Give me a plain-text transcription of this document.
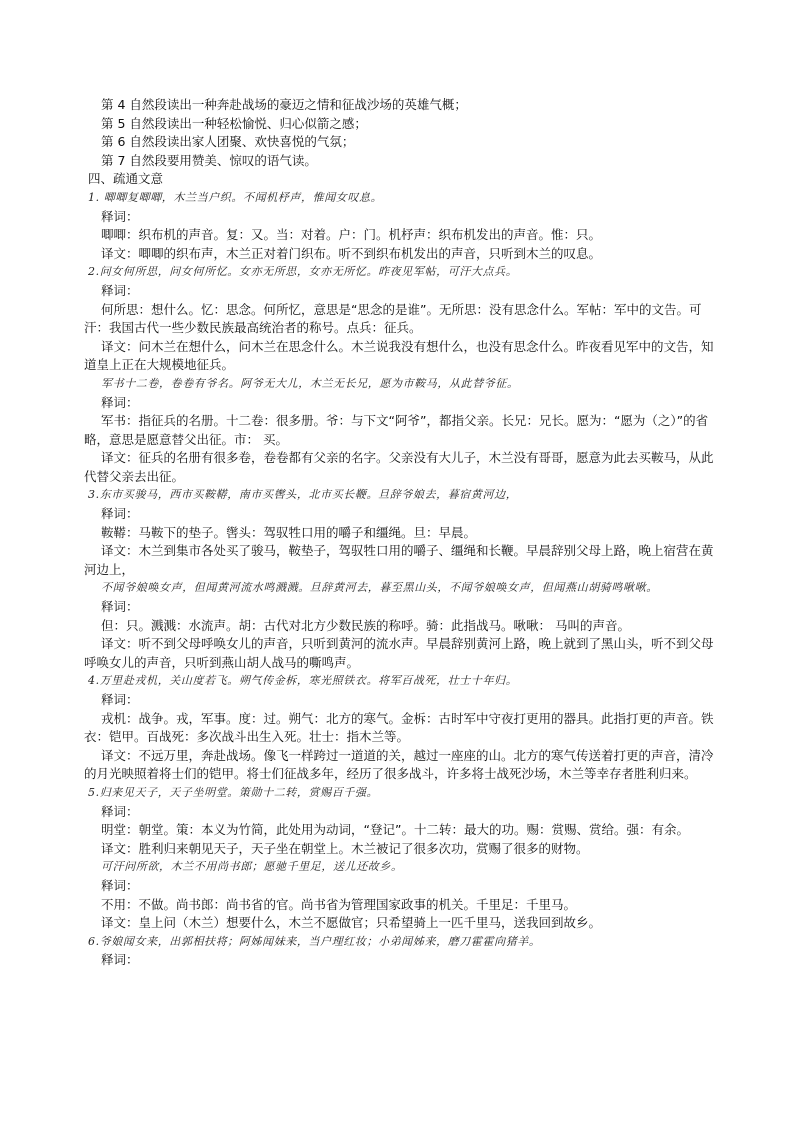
第 4 自然段读出一种奔赴战场的豪迈之情和征战沙场的英雄气概；

第 5 自然段读出一种轻松愉悦、归心似箭之感；

第 6 自然段读出家人团聚、欢快喜悦的气氛；

第 7 自然段要用赞美、惊叹的语气读。

四、疏通文意

1. 唧唧复唧唧，木兰当户织。不闻机杼声，惟闻女叹息。

释词：

唧唧：织布机的声音。复：又。当：对着。户：门。机杼声：织布机发出的声音。惟：只。

译文：唧唧的织布声，木兰正对着门织布。听不到织布机发出的声音，只听到木兰的叹息。

2.问女何所思，问女何所忆。女亦无所思，女亦无所忆。昨夜见军帖，可汗大点兵。

释词：

何所思：想什么。忆：思念。何所忆，意思是“思念的是谁”。无所思：没有思念什么。军帖：军中的文告。可汗：我国古代一些少数民族最高统治者的称号。点兵：征兵。

译文：问木兰在想什么，问木兰在思念什么。木兰说我没有想什么，也没有思念什么。昨夜看见军中的文告，知道皇上正在大规模地征兵。

军书十二卷，卷卷有爷名。阿爷无大儿，木兰无长兄，愿为市鞍马，从此替爷征。

释词：

军书：指征兵的名册。十二卷：很多册。爷：与下文“阿爷”，都指父亲。长兄：兄长。愿为：“愿为（之）”的省略，意思是愿意替父出征。市： 买。

译文：征兵的名册有很多卷，卷卷都有父亲的名字。父亲没有大儿子，木兰没有哥哥，愿意为此去买鞍马，从此代替父亲去出征。

3.东市买骏马，西市买鞍鞯，南市买辔头，北市买长鞭。旦辞爷娘去，暮宿黄河边，

释词：

鞍鞯：马鞍下的垫子。辔头：驾驭牲口用的嚼子和缰绳。旦：早晨。

译文：木兰到集市各处买了骏马，鞍垫子，驾驭牲口用的嚼子、缰绳和长鞭。早晨辞别父母上路，晚上宿营在黄河边上，

不闻爷娘唤女声，但闻黄河流水鸣溅溅。旦辞黄河去，暮至黑山头，不闻爷娘唤女声，但闻燕山胡骑鸣啾啾。

释词：

但：只。溅溅：水流声。胡：古代对北方少数民族的称呼。骑：此指战马。啾啾： 马叫的声音。

译文：听不到父母呼唤女儿的声音，只听到黄河的流水声。早晨辞别黄河上路，晚上就到了黑山头，听不到父母呼唤女儿的声音，只听到燕山胡人战马的嘶鸣声。

4.万里赴戎机，关山度若飞。朔气传金柝，寒光照铁衣。将军百战死，壮士十年归。

释词：

戎机：战争。戎，军事。度：过。朔气：北方的寒气。金柝：古时军中守夜打更用的器具。此指打更的声音。铁衣：铠甲。百战死：多次战斗出生入死。壮士：指木兰等。

译文：不远万里，奔赴战场。像飞一样跨过一道道的关，越过一座座的山。北方的寒气传送着打更的声音，清冷的月光映照着将士们的铠甲。将士们征战多年，经历了很多战斗，许多将士战死沙场，木兰等幸存者胜利归来。

5.归来见天子，天子坐明堂。策勋十二转，赏赐百千强。

释词：

明堂：朝堂。策：本义为竹简，此处用为动词，“登记”。十二转：最大的功。赐：赏赐、赏给。强：有余。

译文：胜利归来朝见天子，天子坐在朝堂上。木兰被记了很多次功，赏赐了很多的财物。

可汗问所欲，木兰不用尚书郎；愿驰千里足，送儿还故乡。

释词：

不用：不做。尚书郎：尚书省的官。尚书省为管理国家政事的机关。千里足：千里马。

译文：皇上问（木兰）想要什么，木兰不愿做官；只希望骑上一匹千里马，送我回到故乡。

6.爷娘闻女来，出郭相扶将；阿姊闻妹来，当户理红妆；小弟闻姊来，磨刀霍霍向猪羊。

释词：
